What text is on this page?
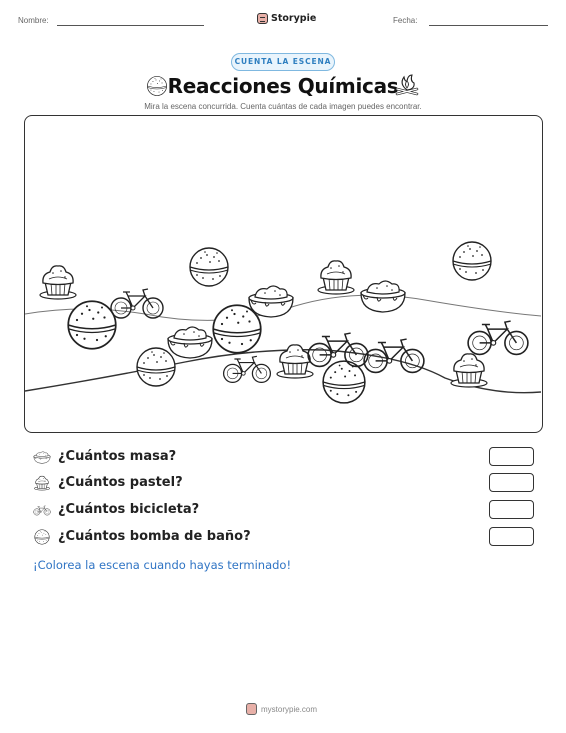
Nombre:	Fecha:
Storypie
CUENTA LA ESCENA
Reacciones Químicas
Mira la escena concurrida. Cuenta cuántas de cada imagen puedes encontrar.
¿Cuántos masa?
¿Cuántos pastel?
¿Cuántos bicicleta?
¿Cuántos bomba de baño?
¡Colorea la escena cuando hayas terminado!
mystorypie.com
